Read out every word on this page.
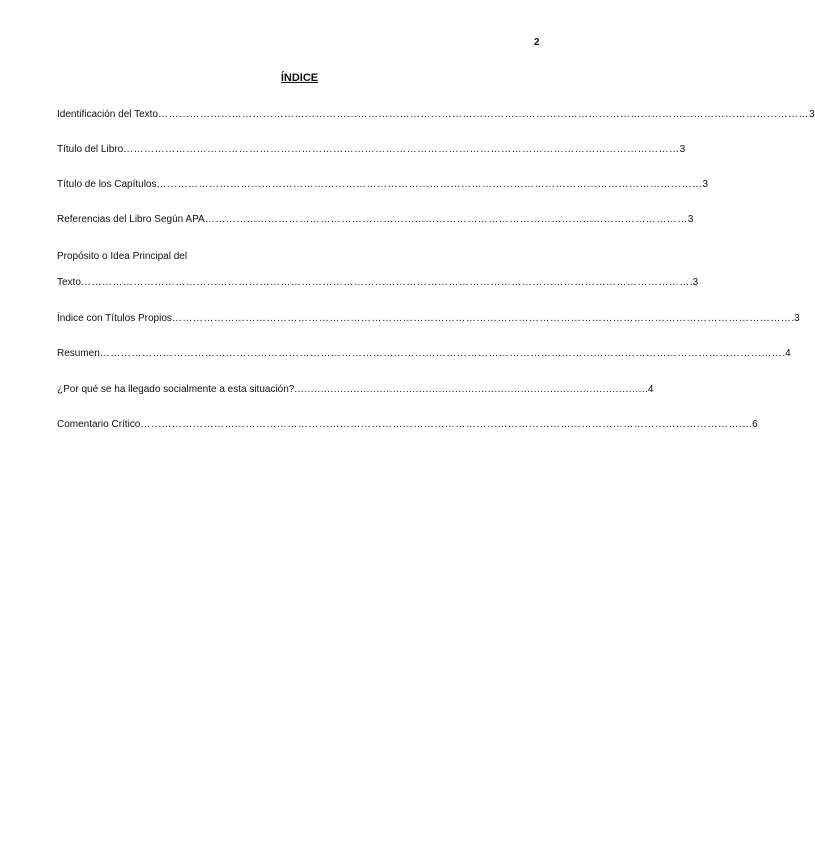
2
ÍNDICE
Identificación del Texto …………………………………………………………………………………………………………………………………………………………………… 3
Título del Libro …………………………………………………………………………………………………………………………………………… 3
Título de los Capítulos ………………………………………………………………………………………………………………………………………… 3
Referencias del Libro Según APA ………………………………………………………………………………………………………………………… 3
Propósito o Idea Principal del
Texto ………………………………………………………………………………………………………………………………………………………… .3
Índice con Títulos Propios …………………………………………………………………………………………………………………………………………………………… .3
Resumen …………………………………………………………………………………………………………………………………………………………………………… .4
¿Por qué se ha llegado socialmente a esta situación? ........................................................................................................... .4
Comentario Crítico ………………………………………………………………………………………………………………………………………………………… .6
